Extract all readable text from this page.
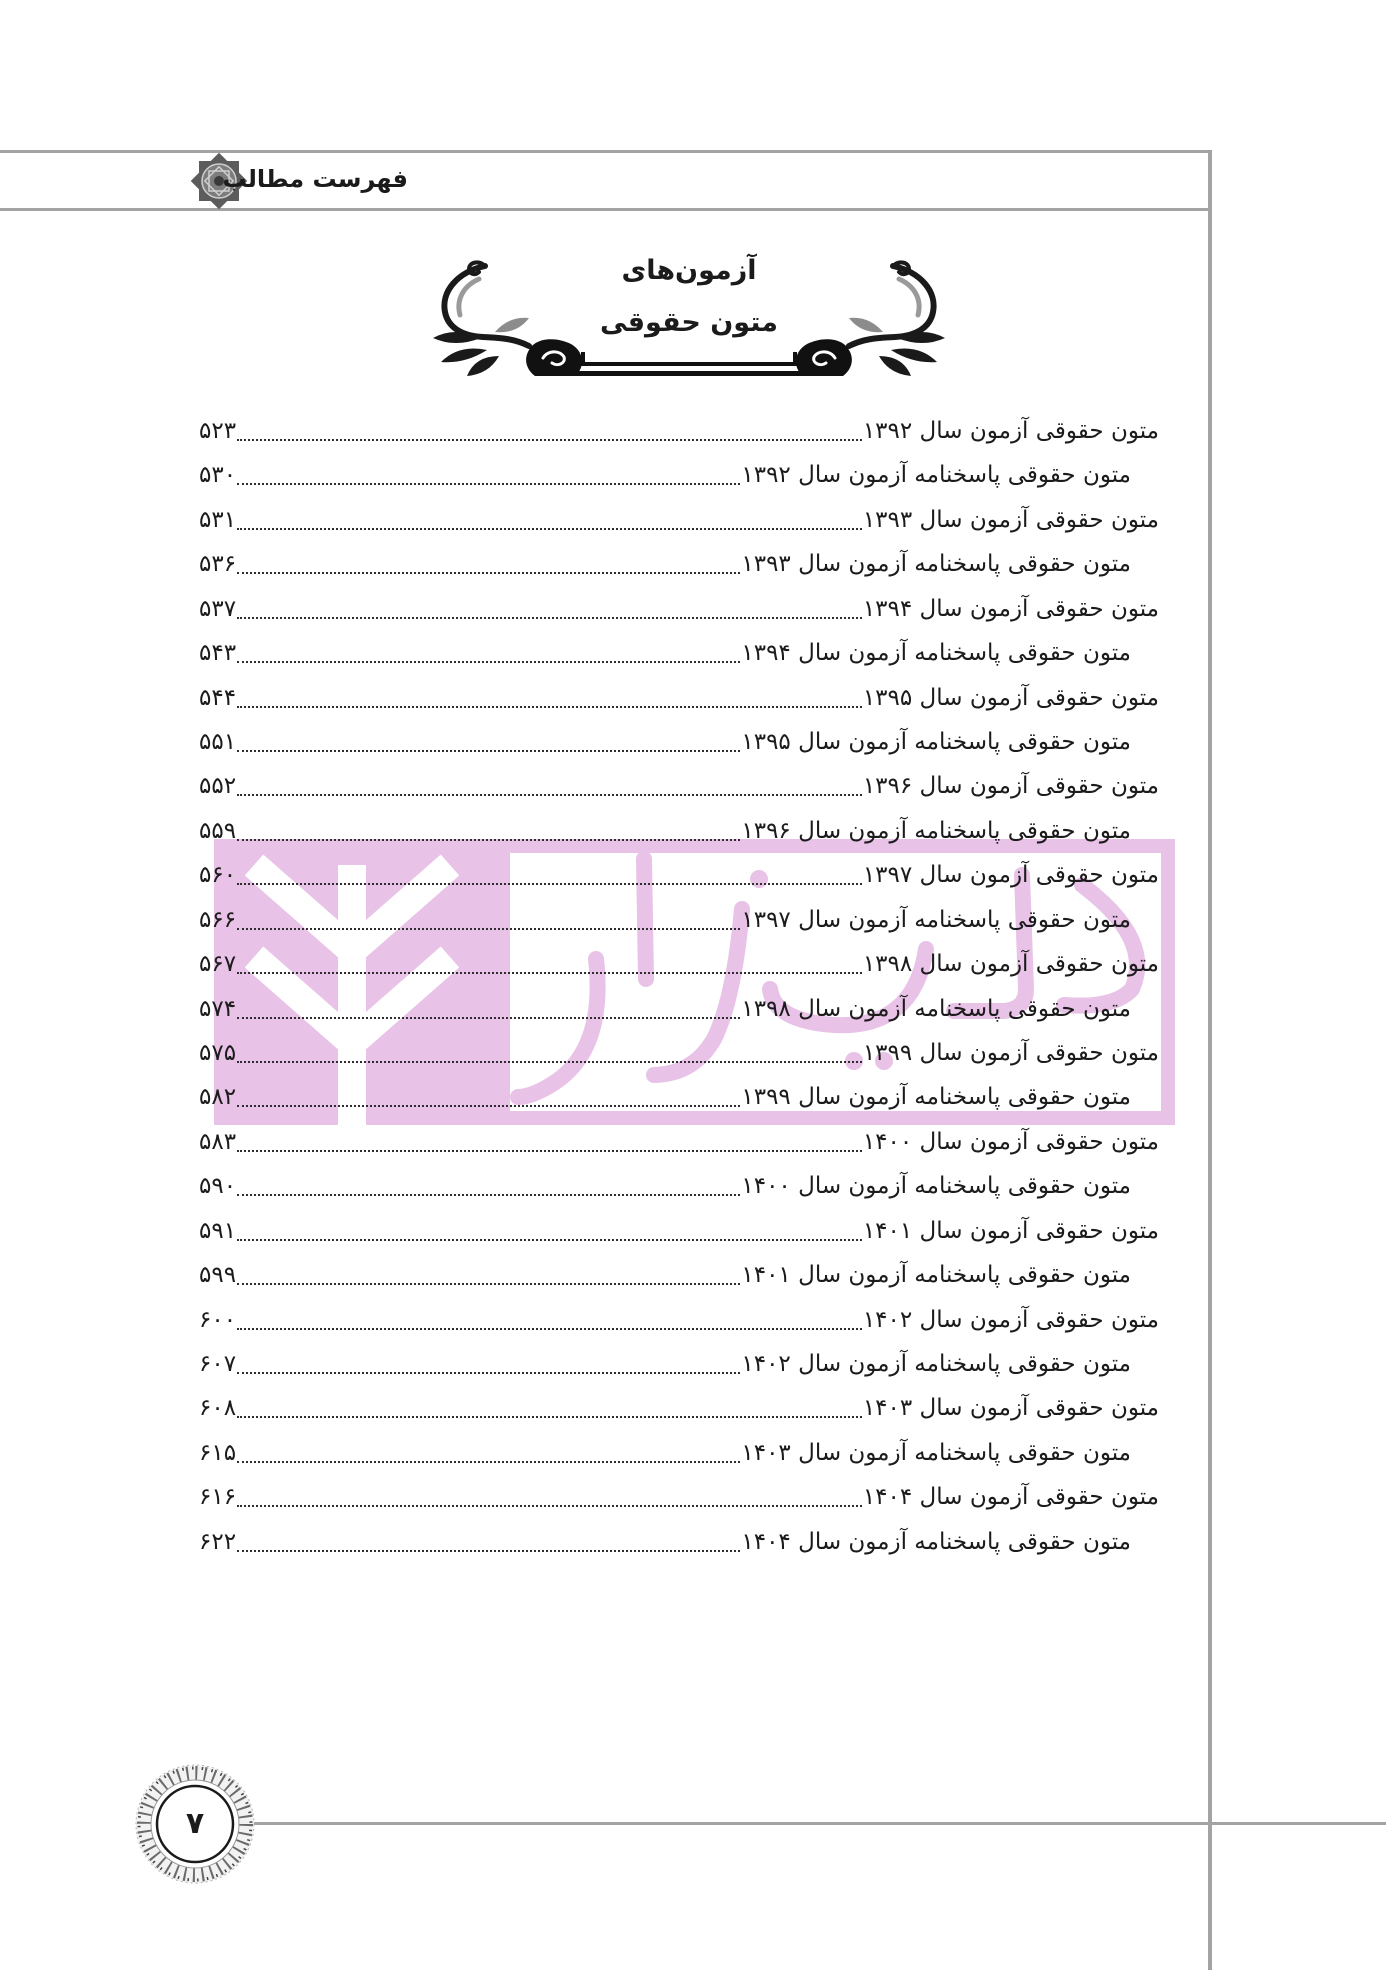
فهرست مطالب
آزمون‌های
متون حقوقی
متون حقوقی آزمون سال ۱۳۹۲
۵۲۳
متون حقوقی پاسخنامه آزمون سال ۱۳۹۲
۵۳۰
متون حقوقی آزمون سال ۱۳۹۳
۵۳۱
متون حقوقی پاسخنامه آزمون سال ۱۳۹۳
۵۳۶
متون حقوقی آزمون سال ۱۳۹۴
۵۳۷
متون حقوقی پاسخنامه آزمون سال ۱۳۹۴
۵۴۳
متون حقوقی آزمون سال ۱۳۹۵
۵۴۴
متون حقوقی پاسخنامه آزمون سال ۱۳۹۵
۵۵۱
متون حقوقی آزمون سال ۱۳۹۶
۵۵۲
متون حقوقی پاسخنامه آزمون سال ۱۳۹۶
۵۵۹
متون حقوقی آزمون سال ۱۳۹۷
۵۶۰
متون حقوقی پاسخنامه آزمون سال ۱۳۹۷
۵۶۶
متون حقوقی آزمون سال ۱۳۹۸
۵۶۷
متون حقوقی پاسخنامه آزمون سال ۱۳۹۸
۵۷۴
متون حقوقی آزمون سال ۱۳۹۹
۵۷۵
متون حقوقی پاسخنامه آزمون سال ۱۳۹۹
۵۸۲
متون حقوقی آزمون سال ۱۴۰۰
۵۸۳
متون حقوقی پاسخنامه آزمون سال ۱۴۰۰
۵۹۰
متون حقوقی آزمون سال ۱۴۰۱
۵۹۱
متون حقوقی پاسخنامه آزمون سال ۱۴۰۱
۵۹۹
متون حقوقی آزمون سال ۱۴۰۲
۶۰۰
متون حقوقی پاسخنامه آزمون سال ۱۴۰۲
۶۰۷
متون حقوقی آزمون سال ۱۴۰۳
۶۰۸
متون حقوقی پاسخنامه آزمون سال ۱۴۰۳
۶۱۵
متون حقوقی آزمون سال ۱۴۰۴
۶۱۶
متون حقوقی پاسخنامه آزمون سال ۱۴۰۴
۶۲۲
۷
